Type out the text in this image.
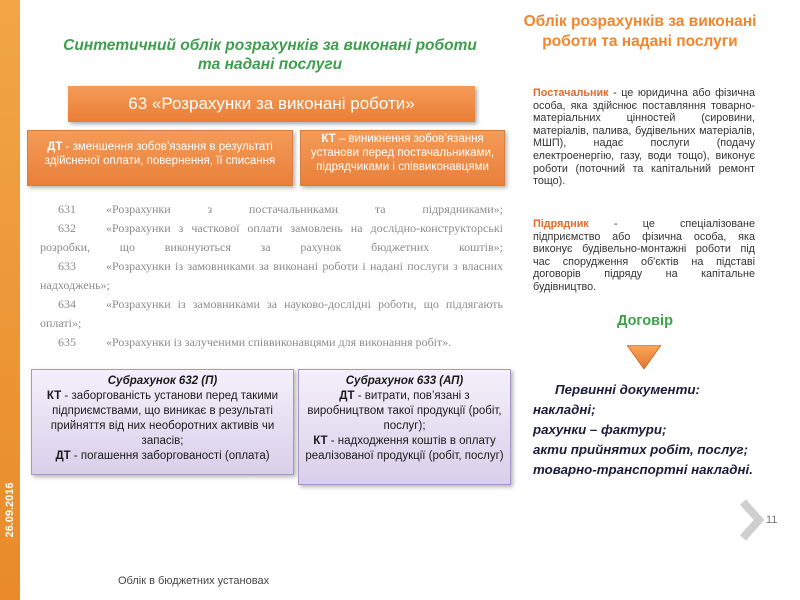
26.09.2016
Синтетичний облік розрахунків за виконані роботи та надані послуги
Облік розрахунків за виконані роботи та надані послуги
63 «Розрахунки за виконані роботи»
ДТ - зменшення зобов’язання в результаті здійсненої оплати, повернення, її списання
КТ – виникнення зобов’язання установи перед постачальниками, підрядчиками і співвиконавцями
631	«Розрахунки з постачальниками та підрядниками»;
632	«Розрахунки з часткової оплати замовлень на дослідно-конструкторські розробки, що виконуються за рахунок бюджетних коштів»;
633	«Розрахунки із замовниками за виконані роботи і надані послуги з власних надходжень»;
634	«Розрахунки із замовниками за науково-дослідні роботи, що підлягають оплаті»;
635	«Розрахунки із залученими співвиконавцями для виконання робіт».
Субрахунок 632 (П)
КТ - заборгованість установи перед такими підприємствами, що виникає в результаті прийняття від них необоротних активів чи запасів;
ДТ - погашення заборгованості (оплата)
Субрахунок 633 (АП)
ДТ - витрати, пов’язані з виробництвом такої продукції (робіт, послуг);
КТ - надходження коштів в оплату реалізованої продукції (робіт, послуг)
Постачальник - це юридична або фізична особа, яка здійснює поставляння товарно-матеріальних цінностей (сировини, матеріалів, палива, будівельних матеріалів, МШП), надає послуги (подачу електроенергію, газу, води тощо), виконує роботи (поточний та капітальний ремонт тощо).
Підрядник - це спеціалізоване підприємство або фізична особа, яка виконує будівельно-монтажні роботи під час спорудження об'єктів на підставі договорів підряду на капітальне будівництво.
Договір
Первинні документи:
накладні;
рахунки – фактури;
акти прийнятих робіт, послуг;
товарно-транспортні накладні.
11
Облік в бюджетних установах
